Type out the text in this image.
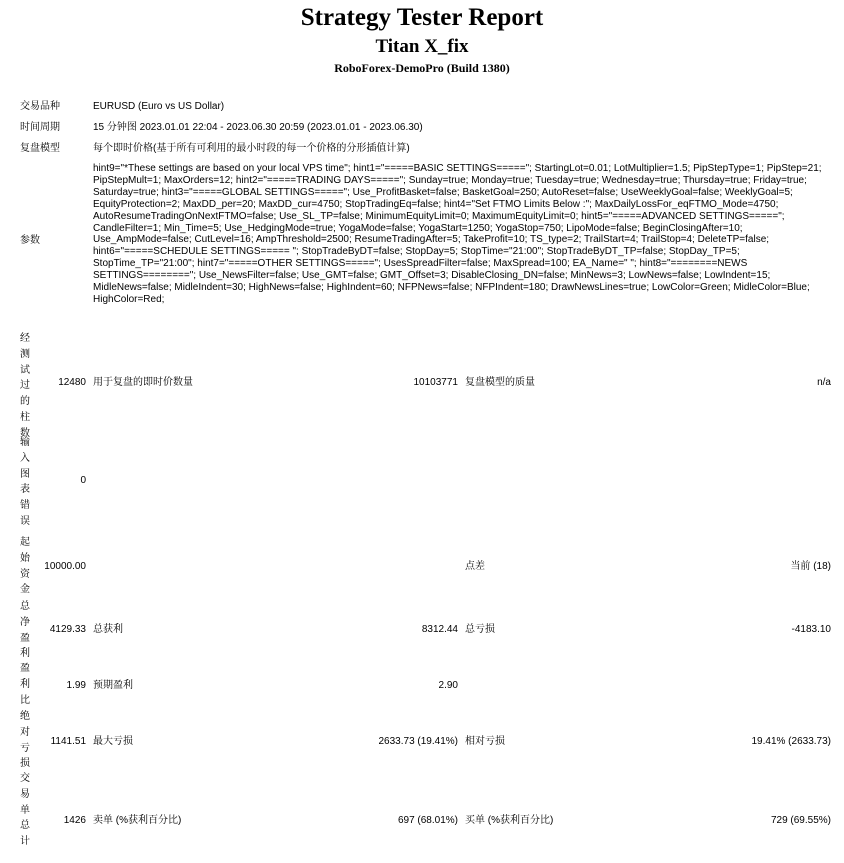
Strategy Tester Report
Titan X_fix
RoboForex-DemoPro (Build 1380)
交易品种	EURUSD (Euro vs US Dollar)
时间周期	15 分钟图 2023.01.01 22:04 - 2023.06.30 20:59 (2023.01.01 - 2023.06.30)
复盘模型	每个即时价格(基于所有可利用的最小时段的每一个价格的分形插值计算)
参数
hint9="*These settings are based on your local VPS time"; hint1="=====BASIC SETTINGS====="; StartingLot=0.01; LotMultiplier=1.5; PipStepType=1; PipStep=21; PipStepMult=1; MaxOrders=12; hint2="=====TRADING DAYS====="; Sunday=true; Monday=true; Tuesday=true; Wednesday=true; Thursday=true; Friday=true; Saturday=true; hint3="=====GLOBAL SETTINGS====="; Use_ProfitBasket=false; BasketGoal=250; AutoReset=false; UseWeeklyGoal=false; WeeklyGoal=5; EquityProtection=2; MaxDD_per=20; MaxDD_cur=4750; StopTradingEq=false; hint4="Set FTMO Limits Below :"; MaxDailyLossFor_eqFTMO_Mode=4750; AutoResumeTradingOnNextFTMO=false; Use_SL_TP=false; MinimumEquityLimit=0; MaximumEquityLimit=0; hint5="=====ADVANCED SETTINGS====="; CandleFilter=1; Min_Time=5; Use_HedgingMode=true; YogaMode=false; YogaStart=1250; YogaStop=750; LipoMode=false; BeginClosingAfter=10; Use_AmpMode=false; CutLevel=16; AmpThreshold=2500; ResumeTradingAfter=5; TakeProfit=10; TS_type=2; TrailStart=4; TrailStop=4; DeleteTP=false; hint6="=====SCHEDULE SETTINGS===== "; StopTradeByDT=false; StopDay=5; StopTime="21:00"; StopTradeByDT_TP=false; StopDay_TP=5; StopTime_TP="21:00"; hint7="=====OTHER SETTINGS====="; UsesSpreadFilter=false; MaxSpread=100; EA_Name=" "; hint8="========NEWS SETTINGS========"; Use_NewsFilter=false; Use_GMT=false; GMT_Offset=3; DisableClosing_DN=false; MinNews=3; LowNews=false; LowIndent=15; MidleNews=false; MidleIndent=30; HighNews=false; HighIndent=60; NFPNews=false; NFPIndent=180; DrawNewsLines=true; LowColor=Green; MidleColor=Blue; HighColor=Red;
经测试过的柱数
12480 用于复盘的即时价数量	10103771 复盘模型的质量	n/a
输入图表错误
0
起始资金
10000.00	点差	当前 (18)
总净盈利
4129.33 总获利	8312.44 总亏损	-4183.10
盈利比
1.99 预期盈利	2.90
绝对亏损
1141.51 最大亏损	2633.73 (19.41%) 相对亏损	19.41% (2633.73)
交易单总计
1426 卖单 (%获利百分比)	697 (68.01%) 买单 (%获利百分比)	729 (69.55%)
